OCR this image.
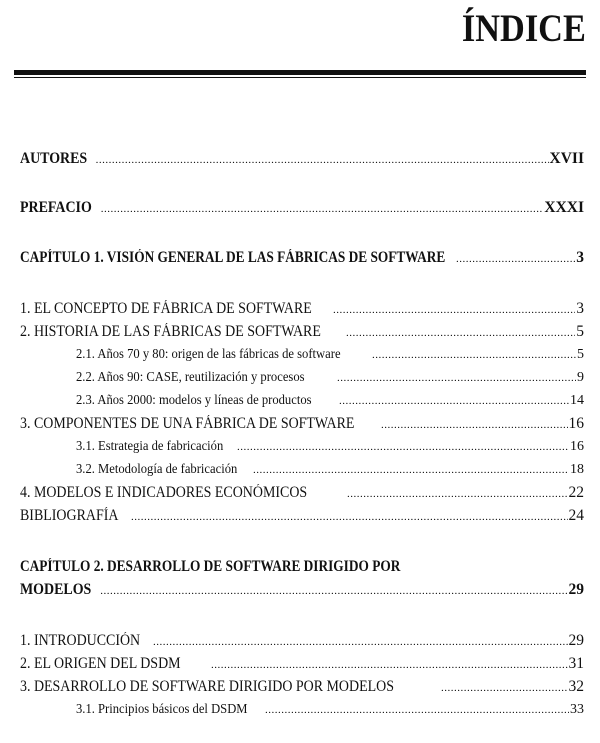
ÍNDICE
AUTORES .....	XVII
PREFACIO .....	XXXI
CAPÍTULO 1. VISIÓN GENERAL DE LAS FÁBRICAS DE SOFTWARE .....	3
1. EL CONCEPTO DE FÁBRICA DE SOFTWARE .....	3
2. HISTORIA DE LAS FÁBRICAS DE SOFTWARE .....	5
2.1. Años 70 y 80: origen de las fábricas de software .....	5
2.2. Años 90: CASE, reutilización y procesos .....	9
2.3. Años 2000: modelos y líneas de productos .....	14
3. COMPONENTES DE UNA FÁBRICA DE SOFTWARE .....	16
3.1. Estrategia de fabricación .....	16
3.2. Metodología de fabricación .....	18
4. MODELOS E INDICADORES ECONÓMICOS .....	22
BIBLIOGRAFÍA .....	24
CAPÍTULO 2. DESARROLLO DE SOFTWARE DIRIGIDO POR
MODELOS .....	29
1. INTRODUCCIÓN .....	29
2. EL ORIGEN DEL DSDM .....	31
3. DESARROLLO DE SOFTWARE DIRIGIDO POR MODELOS .....	32
3.1. Principios básicos del DSDM .....	33
